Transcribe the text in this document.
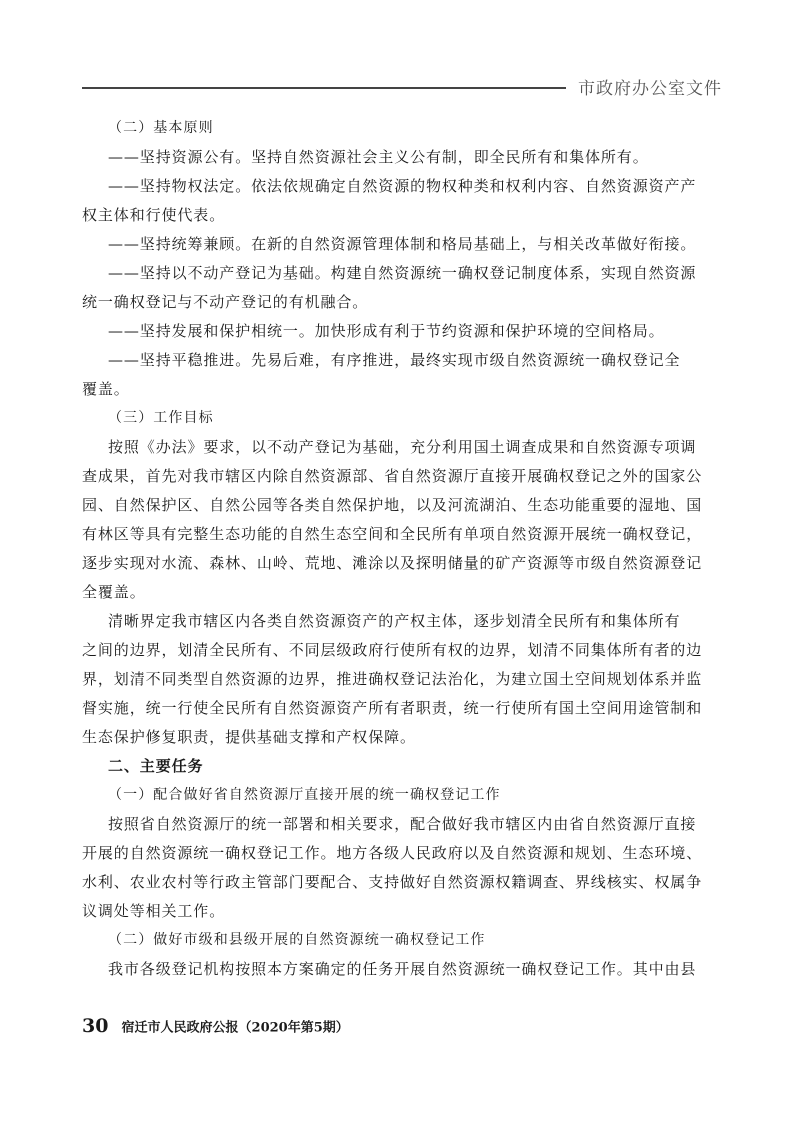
市政府办公室文件

（二）基本原则

——坚持资源公有。坚持自然资源社会主义公有制，即全民所有和集体所有。

——坚持物权法定。依法依规确定自然资源的物权种类和权利内容、自然资源资产产

权主体和行使代表。

——坚持统筹兼顾。在新的自然资源管理体制和格局基础上，与相关改革做好衔接。

——坚持以不动产登记为基础。构建自然资源统一确权登记制度体系，实现自然资源

统一确权登记与不动产登记的有机融合。

——坚持发展和保护相统一。加快形成有利于节约资源和保护环境的空间格局。

——坚持平稳推进。先易后难，有序推进，最终实现市级自然资源统一确权登记全

覆盖。

（三）工作目标

按照《办法》要求，以不动产登记为基础，充分利用国土调查成果和自然资源专项调

查成果，首先对我市辖区内除自然资源部、省自然资源厅直接开展确权登记之外的国家公

园、自然保护区、自然公园等各类自然保护地，以及河流湖泊、生态功能重要的湿地、国

有林区等具有完整生态功能的自然生态空间和全民所有单项自然资源开展统一确权登记，

逐步实现对水流、森林、山岭、荒地、滩涂以及探明储量的矿产资源等市级自然资源登记

全覆盖。

清晰界定我市辖区内各类自然资源资产的产权主体，逐步划清全民所有和集体所有

之间的边界，划清全民所有、不同层级政府行使所有权的边界，划清不同集体所有者的边

界，划清不同类型自然资源的边界，推进确权登记法治化，为建立国土空间规划体系并监

督实施，统一行使全民所有自然资源资产所有者职责，统一行使所有国土空间用途管制和

生态保护修复职责，提供基础支撑和产权保障。

二、主要任务

（一）配合做好省自然资源厅直接开展的统一确权登记工作

按照省自然资源厅的统一部署和相关要求，配合做好我市辖区内由省自然资源厅直接

开展的自然资源统一确权登记工作。地方各级人民政府以及自然资源和规划、生态环境、

水利、农业农村等行政主管部门要配合、支持做好自然资源权籍调查、界线核实、权属争

议调处等相关工作。

（二）做好市级和县级开展的自然资源统一确权登记工作

我市各级登记机构按照本方案确定的任务开展自然资源统一确权登记工作。其中由县

30 宿迁市人民政府公报（2020年第5期）
